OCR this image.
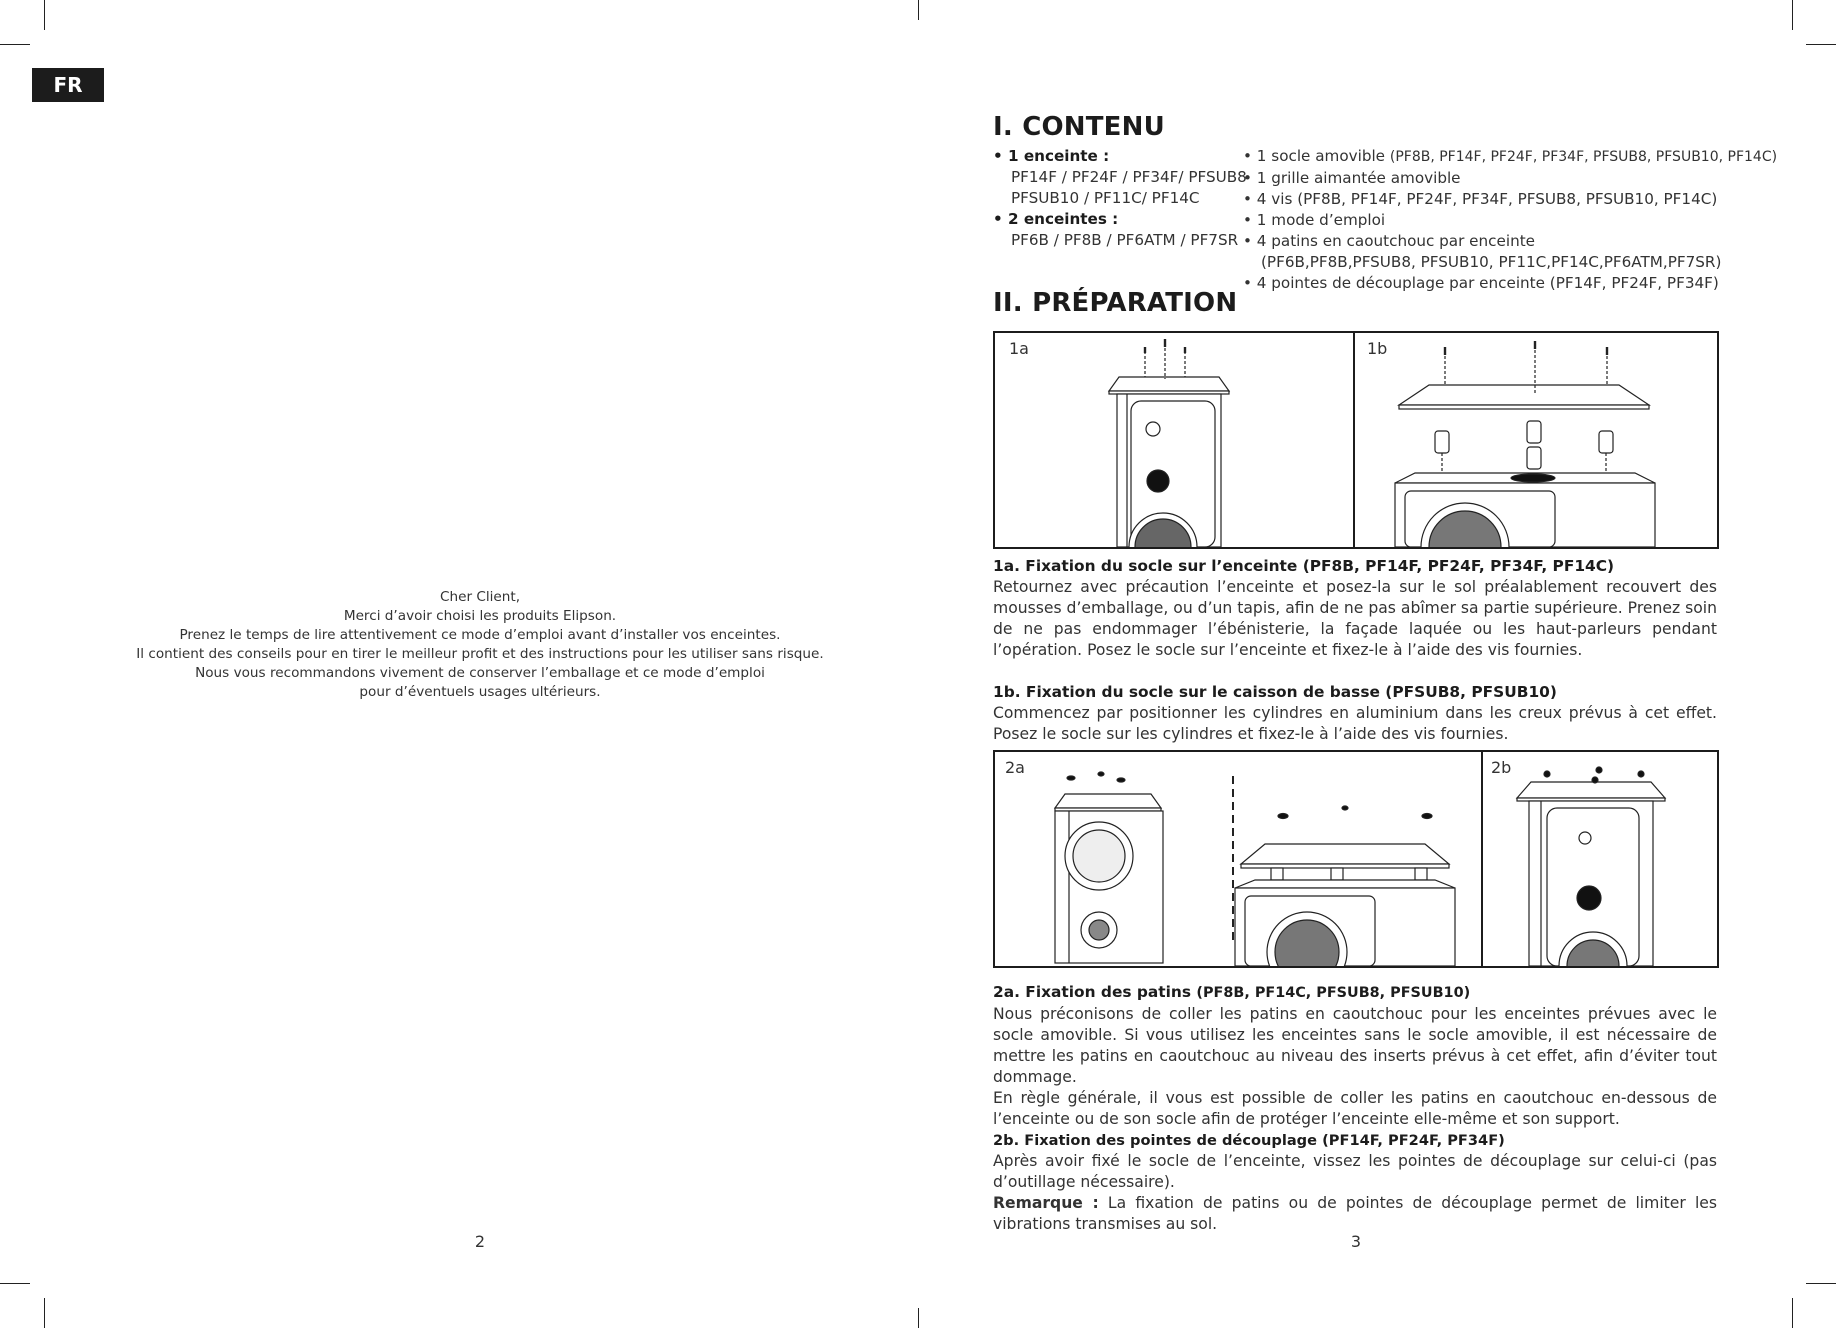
FR

Cher Client,

Merci d’avoir choisi les produits Elipson.

Prenez le temps de lire attentivement ce mode d’emploi avant d’installer vos enceintes.

Il contient des conseils pour en tirer le meilleur profit et des instructions pour les utiliser sans risque.

Nous vous recommandons vivement de conserver l’emballage et ce mode d’emploi

pour d’éventuels usages ultérieurs.

2
I. CONTENU

• 1 enceinte :

PF14F / PF24F / PF34F/ PFSUB8

PFSUB10 / PF11C/ PF14C

• 2 enceintes :

PF6B / PF8B / PF6ATM / PF7SR

• 1 socle amovible (PF8B, PF14F, PF24F, PF34F, PFSUB8, PFSUB10, PF14C)

• 1 grille aimantée amovible

• 4 vis (PF8B, PF14F, PF24F, PF34F, PFSUB8, PFSUB10, PF14C)

• 1 mode d’emploi

• 4 patins en caoutchouc par enceinte

(PF6B,PF8B,PFSUB8, PFSUB10, PF11C,PF14C,PF6ATM,PF7SR)

• 4 pointes de découplage par enceinte (PF14F, PF24F, PF34F)

II. PRÉPARATION
1a	1b

1a. Fixation du socle sur l’enceinte (PF8B, PF14F, PF24F, PF34F, PF14C)

Retournez avec précaution l’enceinte et posez-la sur le sol préalablement recouvert des mousses d’emballage, ou d’un tapis, afin de ne pas abîmer sa partie supérieure. Prenez soin de ne pas endommager l’ébénisterie, la façade laquée ou les haut-parleurs pendant l’opération. Posez le socle sur l’enceinte et fixez-le à l’aide des vis fournies.

1b. Fixation du socle sur le caisson de basse (PFSUB8, PFSUB10)

Commencez par positionner les cylindres en aluminium dans les creux prévus à cet effet. Posez le socle sur les cylindres et fixez-le à l’aide des vis fournies.

2a	2b

2a. Fixation des patins (PF8B, PF14C, PFSUB8, PFSUB10)

Nous préconisons de coller les patins en caoutchouc pour les enceintes prévues avec le socle amovible. Si vous utilisez les enceintes sans le socle amovible, il est nécessaire de mettre les patins en caoutchouc au niveau des inserts prévus à cet effet, afin d’éviter tout dommage.

En règle générale, il vous est possible de coller les patins en caoutchouc en-dessous de l’enceinte ou de son socle afin de protéger l’enceinte elle-même et son support.

2b. Fixation des pointes de découplage (PF14F, PF24F, PF34F)

Après avoir fixé le socle de l’enceinte, vissez les pointes de découplage sur celui-ci (pas d’outillage nécessaire).

Remarque : La fixation de patins ou de pointes de découplage permet de limiter les vibrations transmises au sol.

3
